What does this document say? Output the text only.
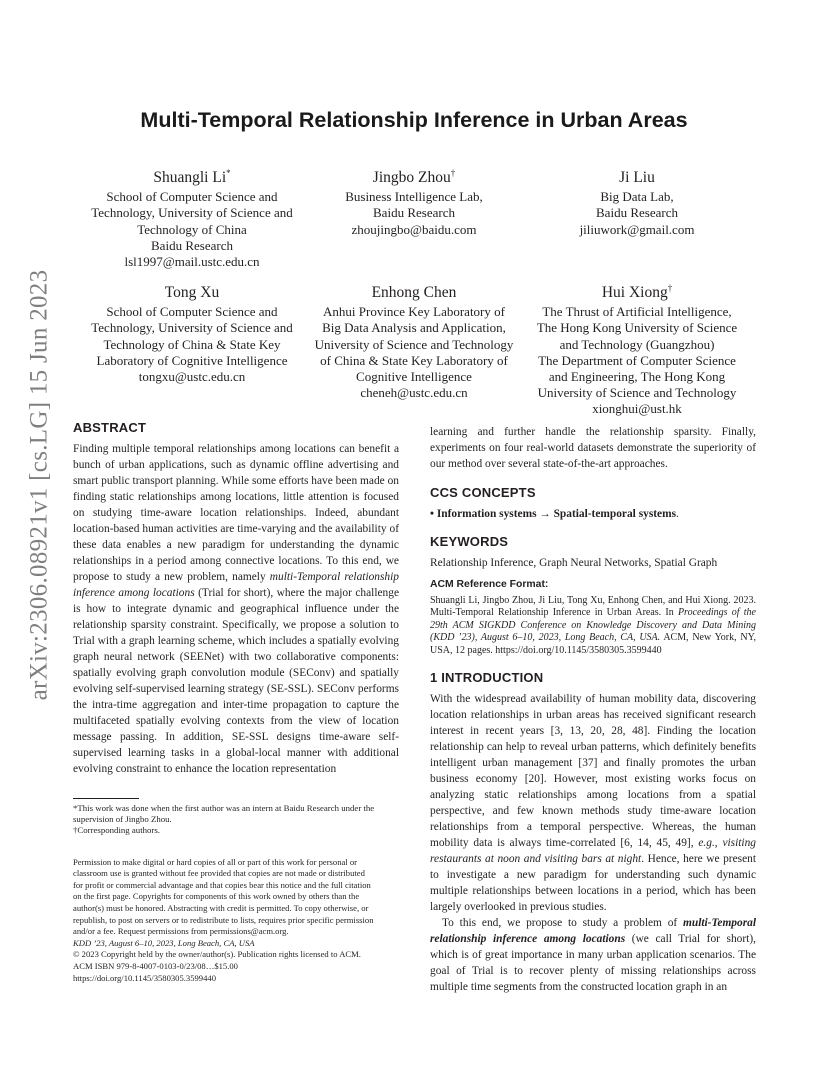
arXiv:2306.08921v1 [cs.LG] 15 Jun 2023
Multi-Temporal Relationship Inference in Urban Areas
Shuangli Li*
School of Computer Science and
Technology, University of Science and
Technology of China
Baidu Research
lsl1997@mail.ustc.edu.cn
Jingbo Zhou†
Business Intelligence Lab,
Baidu Research
zhoujingbo@baidu.com
Ji Liu
Big Data Lab,
Baidu Research
jiliuwork@gmail.com
Tong Xu
School of Computer Science and
Technology, University of Science and
Technology of China & State Key
Laboratory of Cognitive Intelligence
tongxu@ustc.edu.cn
Enhong Chen
Anhui Province Key Laboratory of
Big Data Analysis and Application,
University of Science and Technology
of China & State Key Laboratory of
Cognitive Intelligence
cheneh@ustc.edu.cn
Hui Xiong†
The Thrust of Artificial Intelligence,
The Hong Kong University of Science
and Technology (Guangzhou)
The Department of Computer Science
and Engineering, The Hong Kong
University of Science and Technology
xionghui@ust.hk
ABSTRACT

Finding multiple temporal relationships among locations can benefit a bunch of urban applications, such as dynamic offline advertising and smart public transport planning. While some efforts have been made on finding static relationships among locations, little attention is focused on studying time-aware location relationships. Indeed, abundant location-based human activities are time-varying and the availability of these data enables a new paradigm for understanding the dynamic relationships in a period among connective locations. To this end, we propose to study a new problem, namely multi-Temporal relationship inference among locations (Trial for short), where the major challenge is how to integrate dynamic and geographical influence under the relationship sparsity constraint. Specifically, we propose a solution to Trial with a graph learning scheme, which includes a spatially evolving graph neural network (SEENet) with two collaborative components: spatially evolving graph convolution module (SEConv) and spatially evolving self-supervised learning strategy (SE-SSL). SEConv performs the intra-time aggregation and inter-time propagation to capture the multifaceted spatially evolving contexts from the view of location message passing. In addition, SE-SSL designs time-aware self-supervised learning tasks in a global-local manner with additional evolving constraint to enhance the location representation

*This work was done when the first author was an intern at Baidu Research under the supervision of Jingbo Zhou.

†Corresponding authors.

Permission to make digital or hard copies of all or part of this work for personal or
classroom use is granted without fee provided that copies are not made or distributed
for profit or commercial advantage and that copies bear this notice and the full citation
on the first page. Copyrights for components of this work owned by others than the
author(s) must be honored. Abstracting with credit is permitted. To copy otherwise, or
republish, to post on servers or to redistribute to lists, requires prior specific permission
and/or a fee. Request permissions from permissions@acm.org.
KDD ’23, August 6–10, 2023, Long Beach, CA, USA
© 2023 Copyright held by the owner/author(s). Publication rights licensed to ACM.
ACM ISBN 979-8-4007-0103-0/23/08…$15.00
https://doi.org/10.1145/3580305.3599440

learning and further handle the relationship sparsity. Finally, experiments on four real-world datasets demonstrate the superiority of our method over several state-of-the-art approaches.

CCS CONCEPTS

• Information systems → Spatial-temporal systems.

KEYWORDS

Relationship Inference, Graph Neural Networks, Spatial Graph

ACM Reference Format:

Shuangli Li, Jingbo Zhou, Ji Liu, Tong Xu, Enhong Chen, and Hui Xiong. 2023. Multi-Temporal Relationship Inference in Urban Areas. In Proceedings of the 29th ACM SIGKDD Conference on Knowledge Discovery and Data Mining (KDD ’23), August 6–10, 2023, Long Beach, CA, USA. ACM, New York, NY, USA, 12 pages. https://doi.org/10.1145/3580305.3599440

1 INTRODUCTION

With the widespread availability of human mobility data, discovering location relationships in urban areas has received significant research interest in recent years [3, 13, 20, 28, 48]. Finding the location relationship can help to reveal urban patterns, which definitely benefits intelligent urban management [37] and finally promotes the urban business economy [20]. However, most existing works focus on analyzing static relationships among locations from a spatial perspective, and few known methods study time-aware location relationships from a temporal perspective. Whereas, the human mobility data is always time-correlated [6, 14, 45, 49], e.g., visiting restaurants at noon and visiting bars at night. Hence, here we present to investigate a new paradigm for understanding such dynamic multiple relationships between locations in a period, which has been largely overlooked in previous studies.

To this end, we propose to study a problem of multi-Temporal relationship inference among locations (we call Trial for short), which is of great importance in many urban application scenarios. The goal of Trial is to recover plenty of missing relationships across multiple time segments from the constructed location graph in an
